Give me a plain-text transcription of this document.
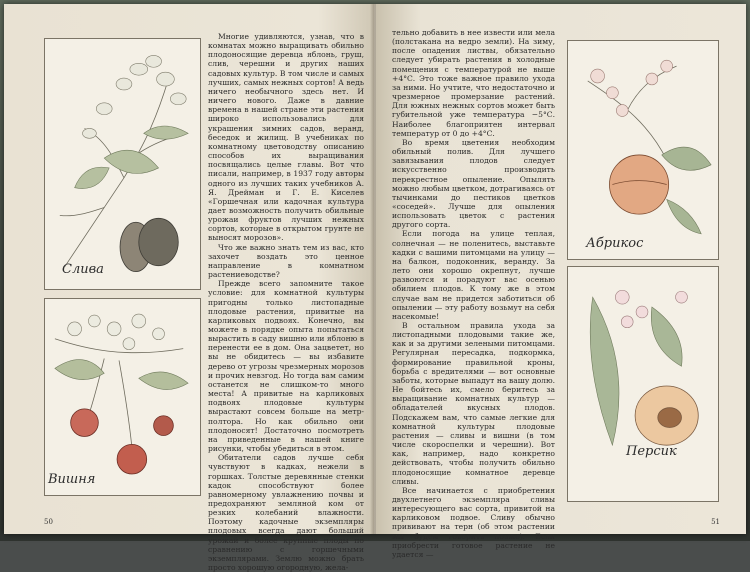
Слива
Вишня

Многие удивляются, узнав, что в комнатах можно выращивать обильно плодоносящие деревца яблонь, груш, слив, черешни и других наших садовых культур. В том числе и самых лучших, самых нежных сортов! А ведь ничего необычного здесь нет. И ничего нового. Даже в давние времена в нашей стране эти растения широко использовались для украшения зимних садов, веранд, беседок и жилищ. В учебниках по комнатному цветоводству описанию способов их выращивания посвящались целые главы. Вот что писали, например, в 1937 году авторы одного из лучших таких учебников А. Я. Дрейман и Г. Е. Киселев «Горшечная или кадочная культура дает возможность получить обильные урожаи фруктов лучших нежных сортов, которые в открытом грунте не выносят морозов».

Что же важно знать тем из вас, кто захочет воздать это ценное направление в комнатном растениеводстве?

Прежде всего запомните такое условие: для комнатной культуры пригодны только листопадные плодовые растения, привитые на карликовых подвоях. Конечно, вы можете в порядке опыта попытаться вырастить в саду вишню или яблоню в перенести ее в дом. Она зацветет, но вы не обидитесь — вы избавите дерево от угрозы чрезмерных морозов и прочих невзгод. Но тогда вам самим останется не слишком-то много места! А привитые на карликовых подвоях плодовые культуры вырастают совсем больше на метр-полтора. Но как обильно они плодоносят! Достаточно посмотреть на приведенные в нашей книге рисунки, чтобы убедиться в этом.

Обитатели садов лучше себя чувствуют в кадках, нежели в горшках. Толстые деревянные стенки кадок способствуют более равномерному увлажнению почвы и предохраняют земляной ком от резких колебаний влажности. Поэтому кадочные экземпляры плодовых всегда дают больший урожай и более крупные плоды по сравнению с горшечными экземплярами. Землю можно брать просто хорошую огородную, жела-

50

тельно добавить в нее извести или мела (полстакана на ведро земли). На зиму, после опадения листвы, обязательно следует убирать растения в холодные помещения с температурой не выше +4°С. Это тоже важное правило ухода за ними. Но учтите, что недостаточно и чрезмерное промерзание растений. Для южных нежных сортов может быть губительной уже температура −5°С. Наиболее благоприятен интервал температур от 0 до +4°С.

Во время цветения необходим обильный полив. Для лучшего завязывания плодов следует искусственно производить перекрестное опыление. Опылять можно любым цветком, дотрагиваясь от тычинками до пестиков цветков «соседей». Лучше для опыления использовать цветок с растения другого сорта.

Если погода на улице теплая, солнечная — не поленитесь, выставьте кадки с вашими питомцами на улицу — на балкон, подоконник, веранду. За лето они хорошо окрепнут, лучше развоются и порадуют вас осенью обилием плодов. К тому же в этом случае вам не придется заботиться об опылении — эту работу возьмут на себя насекомые!

В остальном правила ухода за листопадными плодовыми такие же, как и за другими зелеными питомцами. Регулярная пересадка, подкормка, формирование правильной кроны, борьба с вредителями — вот основные заботы, которые выпадут на вашу долю. Не бойтесь их, смело беритесь за выращивание комнатных культур — обладателей вкусных плодов. Подскажем вам, что самые легкие для комнатной культуры плодовые растения — сливы и вишни (в том числе скороспелки и черешни). Вот как, например, надо конкретно действовать, чтобы получить обильно плодоносящие комнатное деревце сливы.

Все начинается с приобретения двухлетнего экземпляра сливы интересующего вас сорта, привитой на карликовом подвое. Сливу обычно прививают на терн (об этом растении мы будем говорить позже). Если приобрести готовое растение не удается —

Абрикос
Персик
51
